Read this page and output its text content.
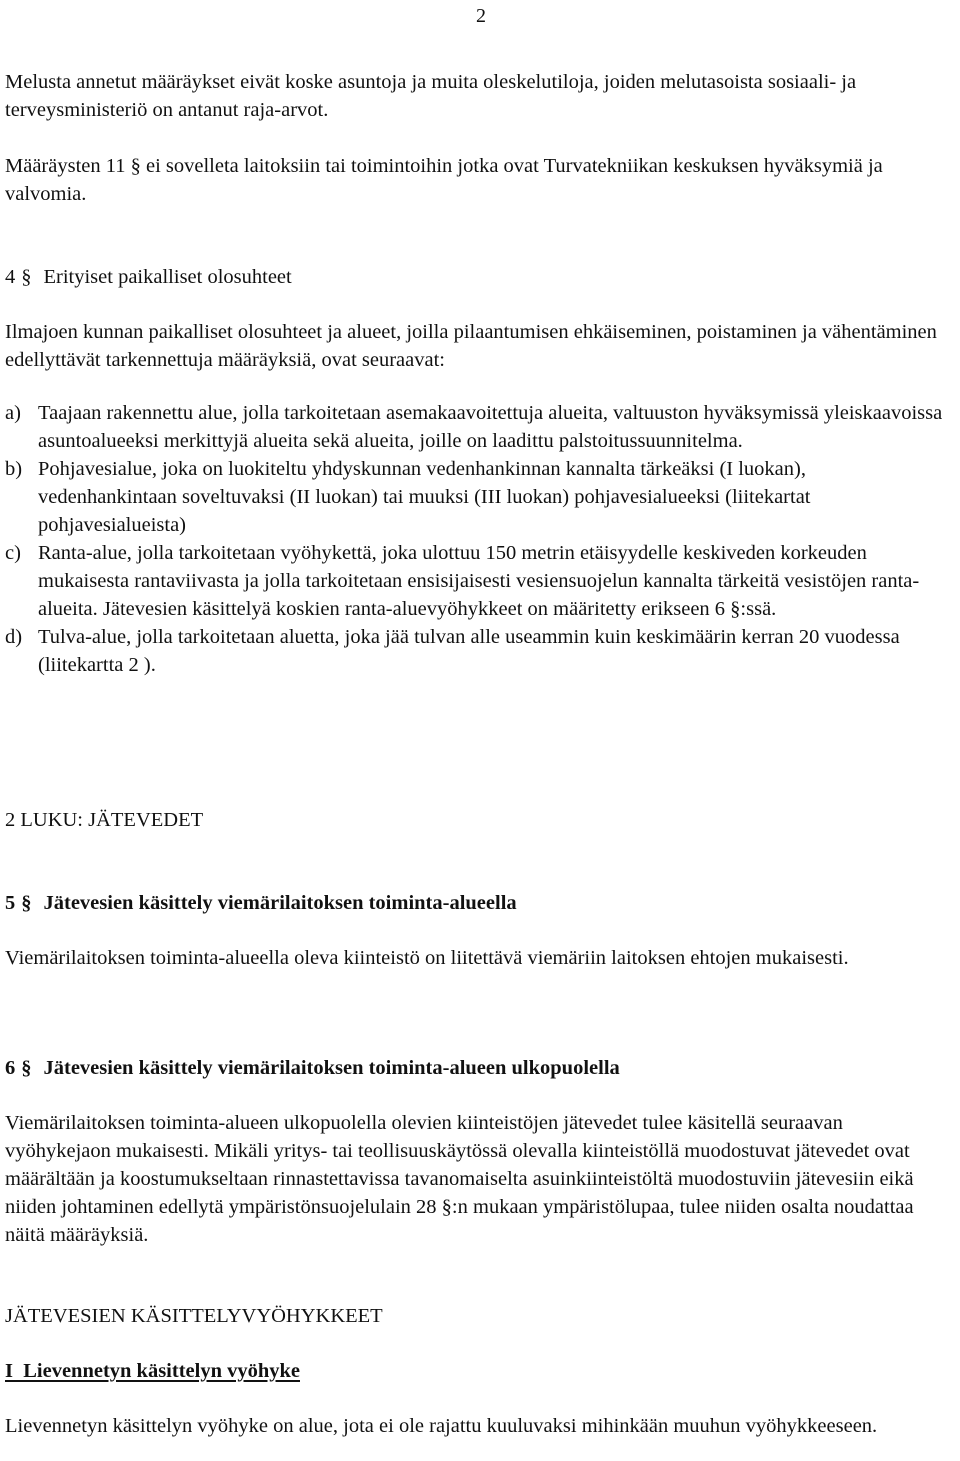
2

Melusta annetut määräykset eivät koske asuntoja ja muita oleskelutiloja, joiden melutasoista sosiaali- ja terveysministeriö on antanut raja-arvot.

Määräysten 11 § ei sovelleta laitoksiin tai toimintoihin jotka ovat Turvatekniikan keskuksen hyväksymiä ja valvomia.

4 § Erityiset paikalliset olosuhteet

Ilmajoen kunnan paikalliset olosuhteet ja alueet, joilla pilaantumisen ehkäiseminen, poistaminen ja vähentäminen edellyttävät tarkennettuja määräyksiä, ovat seuraavat:

a) Taajaan rakennettu alue, jolla tarkoitetaan asemakaavoitettuja alueita, valtuuston hyväksymissä yleiskaavoissa asuntoalueeksi merkittyjä alueita sekä alueita, joille on laadittu palstoitussuunnitelma.
b) Pohjavesialue, joka on luokiteltu yhdyskunnan vedenhankinnan kannalta tärkeäksi (I luokan), vedenhankintaan soveltuvaksi (II luokan) tai muuksi (III luokan) pohjavesialueeksi (liitekartat pohjavesialueista)
c) Ranta-alue, jolla tarkoitetaan vyöhykettä, joka ulottuu 150 metrin etäisyydelle keskiveden korkeuden mukaisesta rantaviivasta ja jolla tarkoitetaan ensisijaisesti vesiensuojelun kannalta tärkeitä vesistöjen ranta-alueita. Jätevesien käsittelyä koskien ranta-aluevyöhykkeet on määritetty erikseen 6 §:ssä.
d) Tulva-alue, jolla tarkoitetaan aluetta, joka jää tulvan alle useammin kuin keskimäärin kerran 20 vuodessa (liitekartta 2 ).
2 LUKU: JÄTEVEDET
5 § Jätevesien käsittely viemärilaitoksen toiminta-alueella

Viemärilaitoksen toiminta-alueella oleva kiinteistö on liitettävä viemäriin laitoksen ehtojen mukaisesti.

6 § Jätevesien käsittely viemärilaitoksen toiminta-alueen ulkopuolella

Viemärilaitoksen toiminta-alueen ulkopuolella olevien kiinteistöjen jätevedet tulee käsitellä seuraavan vyöhykejaon mukaisesti. Mikäli yritys- tai teollisuuskäytössä olevalla kiinteistöllä muodostuvat jätevedet ovat määrältään ja koostumukseltaan rinnastettavissa tavanomaiselta asuinkiinteistöltä muodostuviin jätevesiin eikä niiden johtaminen edellytä ympäristönsuojelulain 28 §:n mukaan ympäristölupaa, tulee niiden osalta noudattaa näitä määräyksiä.

JÄTEVESIEN KÄSITTELYVYÖHYKKEET
I  Lievennetyn käsittelyn vyöhyke

Lievennetyn käsittelyn vyöhyke on alue, jota ei ole rajattu kuuluvaksi mihinkään muuhun vyöhykkeeseen.
